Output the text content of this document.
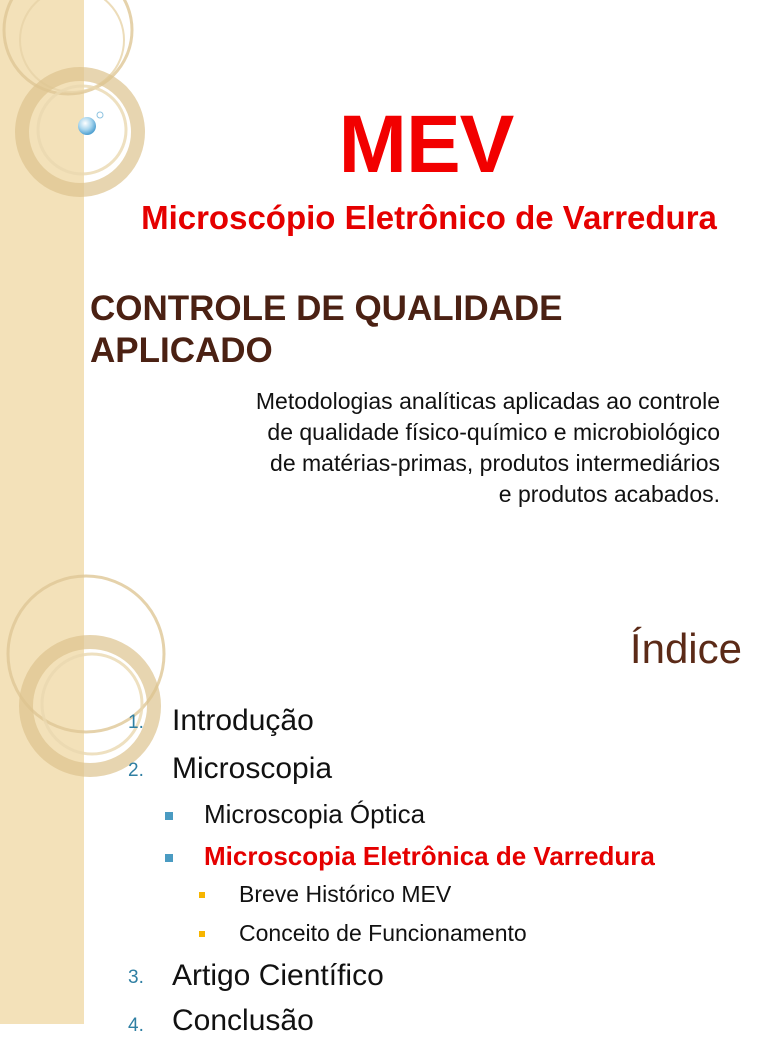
MEV
Microscópio Eletrônico de Varredura
CONTROLE DE QUALIDADE
APLICADO
Metodologias analíticas aplicadas ao controle
de qualidade físico-químico e microbiológico
de matérias-primas, produtos intermediários
e produtos acabados.
Índice
1. Introdução
2. Microscopia
Microscopia Óptica
Microscopia Eletrônica de Varredura
Breve Histórico MEV
Conceito de Funcionamento
3. Artigo Científico
4. Conclusão
